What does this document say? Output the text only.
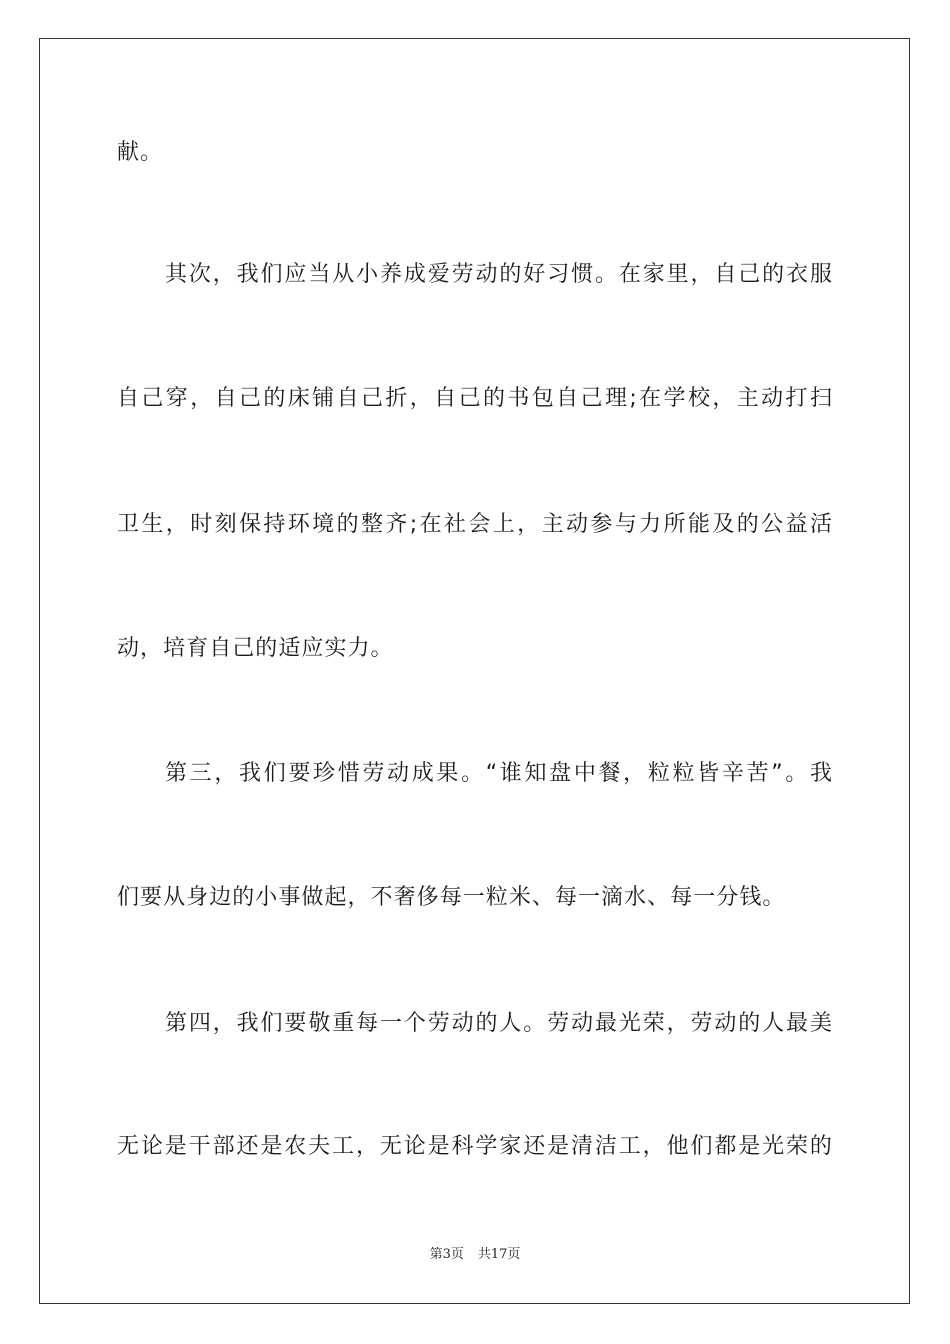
献。

其次，我们应当从小养成爱劳动的好习惯。在家里，自己的衣服

自己穿，自己的床铺自己折，自己的书包自己理;在学校，主动打扫

卫生，时刻保持环境的整齐;在社会上，主动参与力所能及的公益活

动，培育自己的适应实力。

第三，我们要珍惜劳动成果。“谁知盘中餐，粒粒皆辛苦”。我

们要从身边的小事做起，不奢侈每一粒米、每一滴水、每一分钱。

第四，我们要敬重每一个劳动的人。劳动最光荣，劳动的人最美

无论是干部还是农夫工，无论是科学家还是清洁工，他们都是光荣的

第3页 共17页
